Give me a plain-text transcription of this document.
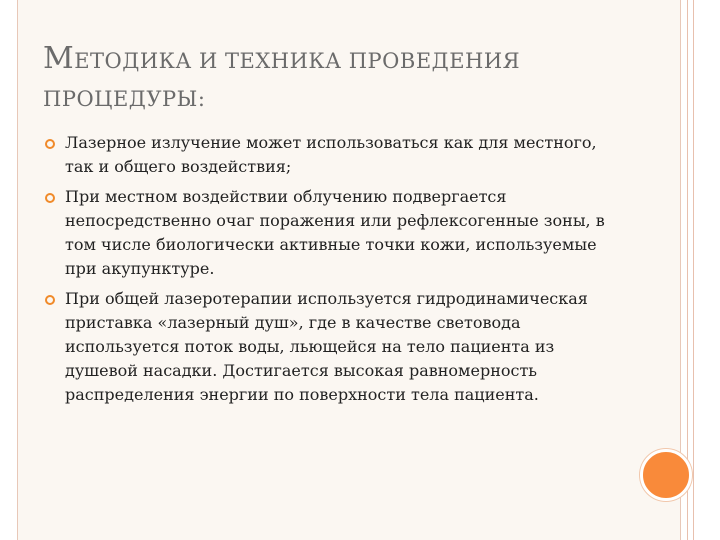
МЕТОДИКА И ТЕХНИКА ПРОВЕДЕНИЯ
ПРОЦЕДУРЫ:
Лазерное излучение может использоваться как для местного, так и общего воздействия;
При местном воздействии облучению подвергается непосредственно очаг поражения или рефлексогенные зоны, в том числе биологически активные точки кожи, используемые при акупунктуре.
При общей лазеротерапии используется гидродинамическая приставка «лазерный душ», где в качестве световода используется поток воды, льющейся на тело пациента из душевой насадки. Достигается высокая равномерность распределения энергии по поверхности тела пациента.
